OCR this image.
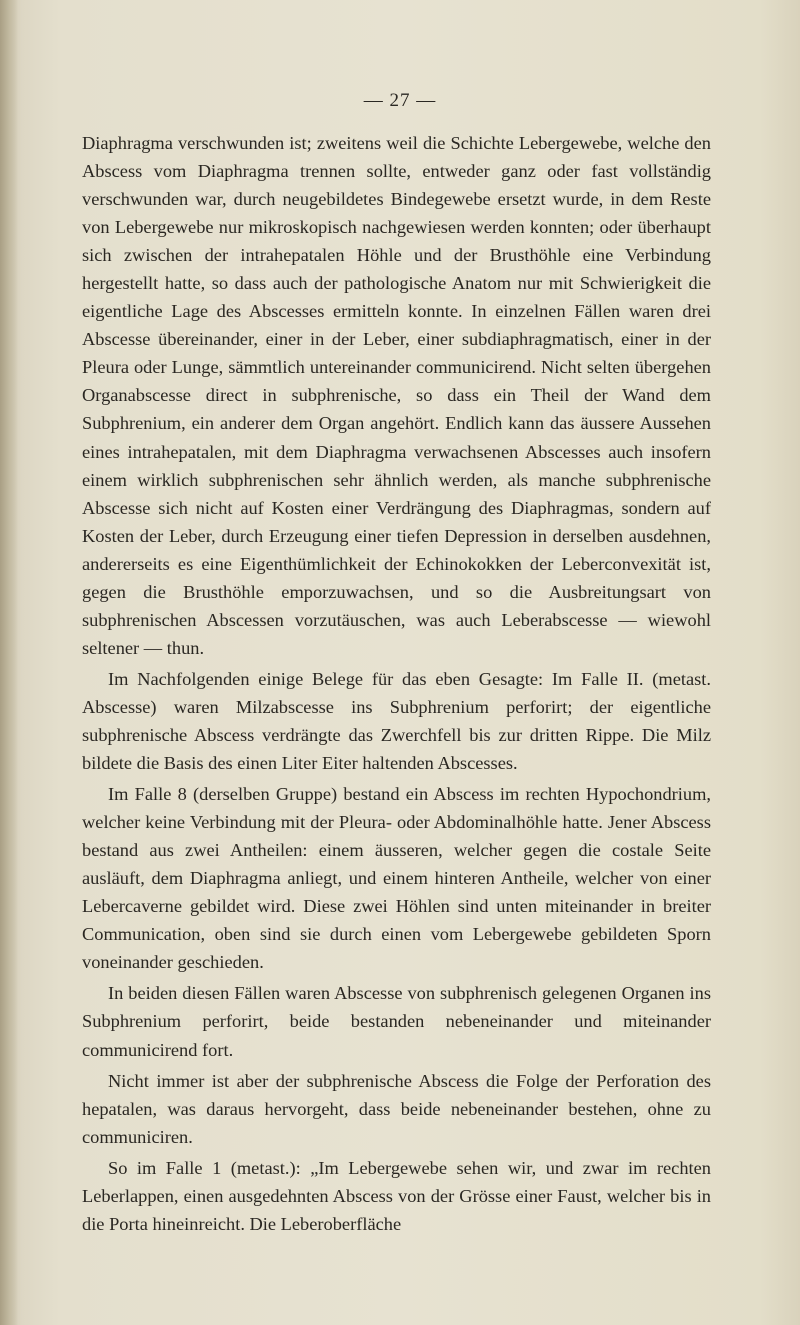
— 27 —

Diaphragma verschwunden ist; zweitens weil die Schichte Lebergewebe, welche den Abscess vom Diaphragma trennen sollte, entweder ganz oder fast vollständig verschwunden war, durch neugebildetes Bindegewebe ersetzt wurde, in dem Reste von Lebergewebe nur mikroskopisch nachgewiesen werden konnten; oder überhaupt sich zwischen der intrahepatalen Höhle und der Brusthöhle eine Verbindung hergestellt hatte, so dass auch der pathologische Anatom nur mit Schwierigkeit die eigentliche Lage des Abscesses ermitteln konnte. In einzelnen Fällen waren drei Abscesse übereinander, einer in der Leber, einer subdiaphragmatisch, einer in der Pleura oder Lunge, sämmtlich untereinander communicirend. Nicht selten übergehen Organabscesse direct in subphrenische, so dass ein Theil der Wand dem Subphrenium, ein anderer dem Organ angehört. Endlich kann das äussere Aussehen eines intrahepatalen, mit dem Diaphragma verwachsenen Abscesses auch insofern einem wirklich subphrenischen sehr ähnlich werden, als manche subphrenische Abscesse sich nicht auf Kosten einer Verdrängung des Diaphragmas, sondern auf Kosten der Leber, durch Erzeugung einer tiefen Depression in derselben ausdehnen, andererseits es eine Eigenthümlichkeit der Echinokokken der Leberconvexität ist, gegen die Brusthöhle emporzuwachsen, und so die Ausbreitungsart von subphrenischen Abscessen vorzutäuschen, was auch Leberabscesse — wiewohl seltener — thun.

Im Nachfolgenden einige Belege für das eben Gesagte: Im Falle II. (metast. Abscesse) waren Milzabscesse ins Subphrenium perforirt; der eigentliche subphrenische Abscess verdrängte das Zwerchfell bis zur dritten Rippe. Die Milz bildete die Basis des einen Liter Eiter haltenden Abscesses.

Im Falle 8 (derselben Gruppe) bestand ein Abscess im rechten Hypochondrium, welcher keine Verbindung mit der Pleura- oder Abdominalhöhle hatte. Jener Abscess bestand aus zwei Antheilen: einem äusseren, welcher gegen die costale Seite ausläuft, dem Diaphragma anliegt, und einem hinteren Antheile, welcher von einer Lebercaverne gebildet wird. Diese zwei Höhlen sind unten miteinander in breiter Communication, oben sind sie durch einen vom Lebergewebe gebildeten Sporn voneinander geschieden.

In beiden diesen Fällen waren Abscesse von subphrenisch gelegenen Organen ins Subphrenium perforirt, beide bestanden nebeneinander und miteinander communicirend fort.

Nicht immer ist aber der subphrenische Abscess die Folge der Perforation des hepatalen, was daraus hervorgeht, dass beide nebeneinander bestehen, ohne zu communiciren.

So im Falle 1 (metast.): „Im Lebergewebe sehen wir, und zwar im rechten Leberlappen, einen ausgedehnten Abscess von der Grösse einer Faust, welcher bis in die Porta hineinreicht. Die Leberoberfläche
